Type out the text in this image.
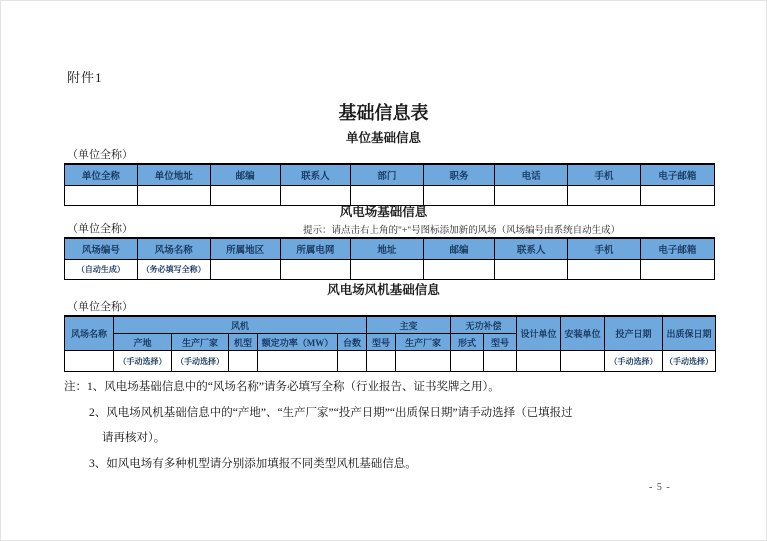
附件1
基础信息表
单位基础信息
（单位全称）
单位全称	单位地址	邮编	联系人	部门	职务	电话	手机	电子邮箱

风电场基础信息
（单位全称）	提示：请点击右上角的"+"号图标添加新的风场（风场编号由系统自动生成）
风场编号	风场名称	所属地区	所属电网	地址	邮编	联系人	手机	电子邮箱
（自动生成）	（务必填写全称）							
风电场风机基础信息
（单位全称）
风场名称	风机					主变		无功补偿		设计单位	安装单位	投产日期	出质保日期
	产地	生产厂家	机型	额定功率（MW）	台数	型号	生产厂家	形式	型号				
	（手动选择）	（手动选择）										（手动选择）	（手动选择）
注：1、风电场基础信息中的“风场名称”请务必填写全称（行业报告、证书奖牌之用）。
2、风电场风机基础信息中的“产地”、“生产厂家”“投产日期”“出质保日期”请手动选择（已填报过
请再核对）。
3、如风电场有多种机型请分别添加填报不同类型风机基础信息。
- 5 -
